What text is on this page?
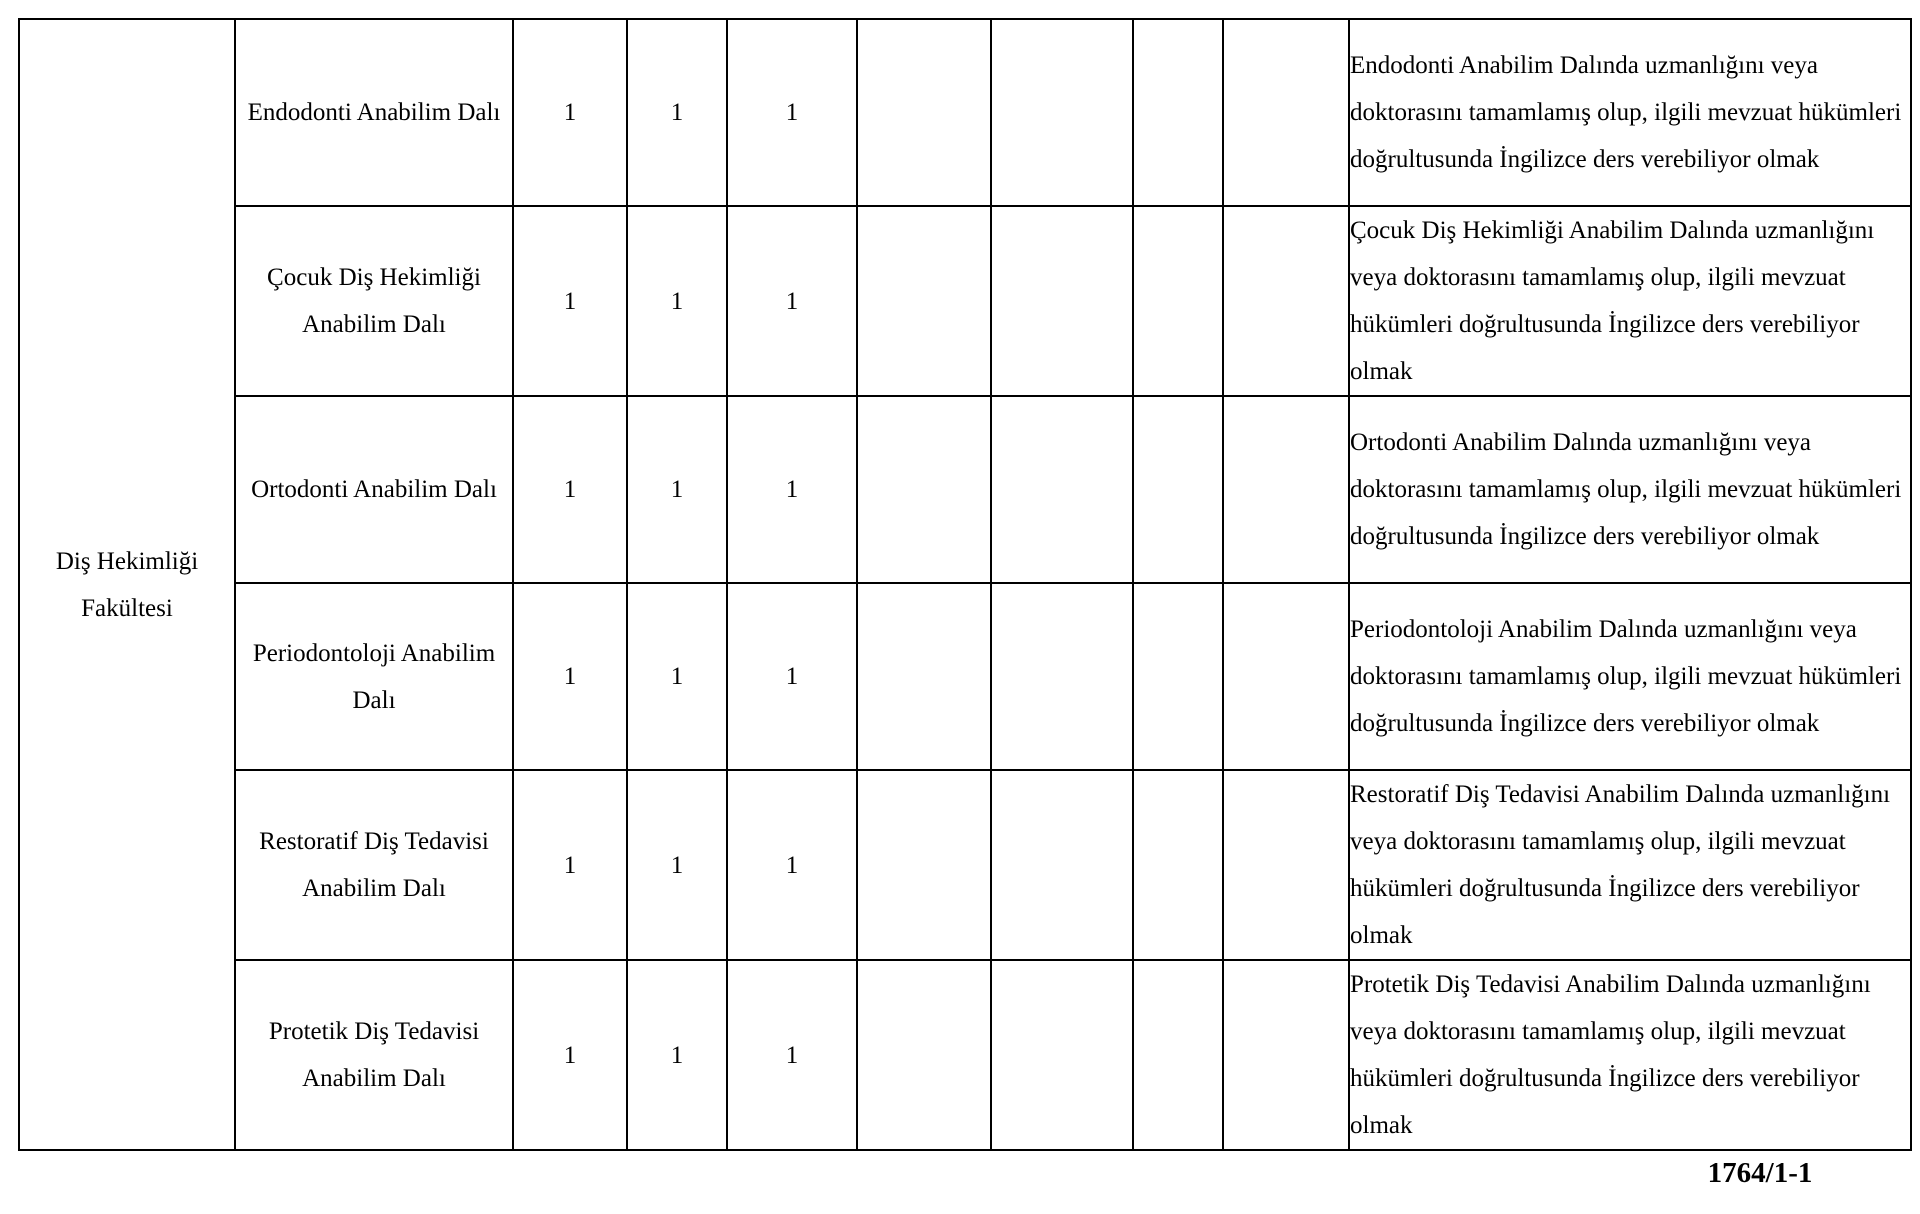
Diş Hekimliği Fakültesi	Endodonti Anabilim Dalı	1	1	1					Endodonti Anabilim Dalında uzmanlığını veya doktorasını tamamlamış olup, ilgili mevzuat hükümleri doğrultusunda İngilizce ders verebiliyor olmak
	Çocuk Diş Hekimliği Anabilim Dalı	1	1	1					Çocuk Diş Hekimliği Anabilim Dalında uzmanlığını veya doktorasını tamamlamış olup, ilgili mevzuat hükümleri doğrultusunda İngilizce ders verebiliyor olmak
	Ortodonti Anabilim Dalı	1	1	1					Ortodonti Anabilim Dalında uzmanlığını veya doktorasını tamamlamış olup, ilgili mevzuat hükümleri doğrultusunda İngilizce ders verebiliyor olmak
	Periodontoloji Anabilim Dalı	1	1	1					Periodontoloji Anabilim Dalında uzmanlığını veya doktorasını tamamlamış olup, ilgili mevzuat hükümleri doğrultusunda İngilizce ders verebiliyor olmak
	Restoratif Diş Tedavisi Anabilim Dalı	1	1	1					Restoratif Diş Tedavisi Anabilim Dalında uzmanlığını veya doktorasını tamamlamış olup, ilgili mevzuat hükümleri doğrultusunda İngilizce ders verebiliyor olmak
	Protetik Diş Tedavisi Anabilim Dalı	1	1	1					Protetik Diş Tedavisi Anabilim Dalında uzmanlığını veya doktorasını tamamlamış olup, ilgili mevzuat hükümleri doğrultusunda İngilizce ders verebiliyor olmak
1764/1-1
